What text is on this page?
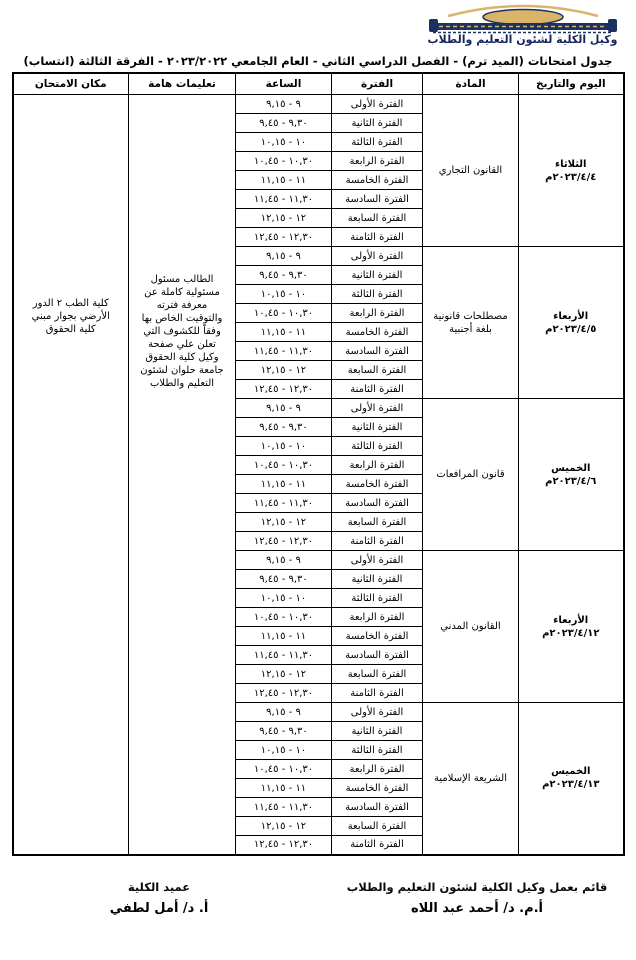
وكيل الكلية لشئون التعليم والطلاب
جدول امتحانات (الميد ترم) - الفصل الدراسي الثاني - العام الجامعي ٢٠٢٣/٢٠٢٢ - الفرقة الثالثة (انتساب)
اليوم والتاريخ	المادة	الفترة	الساعة	تعليمات هامة	مكان الامتحان

الثلاثاء
٢٠٢٣/٤/٤م	القانون التجاري	الفترة الأولى	٩ - ٩,١٥	الطالب مسئول مسئولية كاملة عن معرفة فترته والتوقيت الخاص بها وفقاً للكشوف التي تعلن علي صفحة وكيل كلية الحقوق جامعة حلوان لشئون التعليم والطلاب	كلية الطب ٢ الدور الأرضي بجوار مبني كلية الحقوق
		الفترة الثانية	٩,٣٠ - ٩,٤٥		
		الفترة الثالثة	١٠ - ١٠,١٥		
		الفترة الرابعة	١٠,٣٠ - ١٠,٤٥		
		الفترة الخامسة	١١ - ١١,١٥		
		الفترة السادسة	١١,٣٠ - ١١,٤٥		
		الفترة السابعة	١٢ - ١٢,١٥		
		الفترة الثامنة	١٢,٣٠ - ١٢,٤٥		

الأربعاء
٢٠٢٣/٤/٥م	مصطلحات قانونية بلغة أجنبية	الفترة الأولى	٩ - ٩,١٥		
		الفترة الثانية	٩,٣٠ - ٩,٤٥		
		الفترة الثالثة	١٠ - ١٠,١٥		
		الفترة الرابعة	١٠,٣٠ - ١٠,٤٥		
		الفترة الخامسة	١١ - ١١,١٥		
		الفترة السادسة	١١,٣٠ - ١١,٤٥		
		الفترة السابعة	١٢ - ١٢,١٥		
		الفترة الثامنة	١٢,٣٠ - ١٢,٤٥		

الخميس
٢٠٢٣/٤/٦م	قانون المرافعات	الفترة الأولى	٩ - ٩,١٥		
		الفترة الثانية	٩,٣٠ - ٩,٤٥		
		الفترة الثالثة	١٠ - ١٠,١٥		
		الفترة الرابعة	١٠,٣٠ - ١٠,٤٥		
		الفترة الخامسة	١١ - ١١,١٥		
		الفترة السادسة	١١,٣٠ - ١١,٤٥		
		الفترة السابعة	١٢ - ١٢,١٥		
		الفترة الثامنة	١٢,٣٠ - ١٢,٤٥		

الأربعاء
٢٠٢٣/٤/١٢م	القانون المدني	الفترة الأولى	٩ - ٩,١٥		
		الفترة الثانية	٩,٣٠ - ٩,٤٥		
		الفترة الثالثة	١٠ - ١٠,١٥		
		الفترة الرابعة	١٠,٣٠ - ١٠,٤٥		
		الفترة الخامسة	١١ - ١١,١٥		
		الفترة السادسة	١١,٣٠ - ١١,٤٥		
		الفترة السابعة	١٢ - ١٢,١٥		
		الفترة الثامنة	١٢,٣٠ - ١٢,٤٥		

الخميس
٢٠٢٣/٤/١٣م	الشريعة الإسلامية	الفترة الأولى	٩ - ٩,١٥		
		الفترة الثانية	٩,٣٠ - ٩,٤٥		
		الفترة الثالثة	١٠ - ١٠,١٥		
		الفترة الرابعة	١٠,٣٠ - ١٠,٤٥		
		الفترة الخامسة	١١ - ١١,١٥		
		الفترة السادسة	١١,٣٠ - ١١,٤٥		
		الفترة السابعة	١٢ - ١٢,١٥		
		الفترة الثامنة	١٢,٣٠ - ١٢,٤٥		
قائم بعمل وكيل الكلية لشئون التعليم والطلاب
أ.م. د/ أحمد عبد اللاه
عميد الكلية
أ. د/ أمل لطفي
